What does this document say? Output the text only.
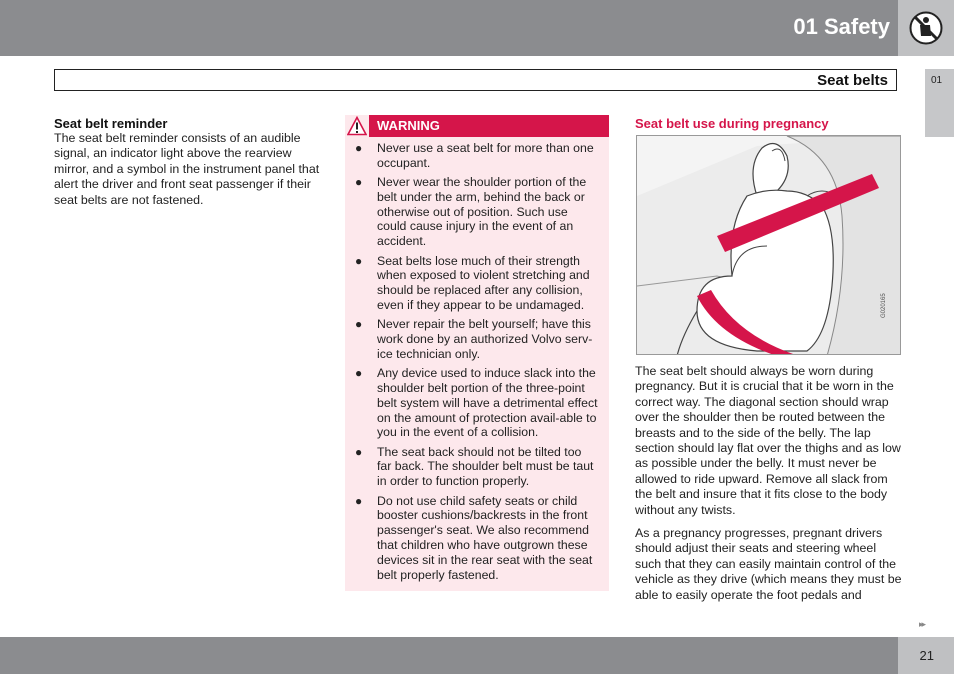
01 Safety
Seat belts	01
Seat belt reminder

The seat belt reminder consists of an audible signal, an indicator light above the rearview mirror, and a symbol in the instrument panel that alert the driver and front seat passenger if their seat belts are not fastened.

WARNING
● Never use a seat belt for more than one occupant.
● Never wear the shoulder portion of the belt under the arm, behind the back or otherwise out of position. Such use could cause injury in the event of an accident.
● Seat belts lose much of their strength when exposed to violent stretching and should be replaced after any collision, even if they appear to be undamaged.
● Never repair the belt yourself; have this work done by an authorized Volvo serv-ice technician only.
● Any device used to induce slack into the shoulder belt portion of the three-point belt system will have a detrimental effect on the amount of protection avail-able to you in the event of a collision.
● The seat back should not be tilted too far back. The shoulder belt must be taut in order to function properly.
● Do not use child safety seats or child booster cushions/backrests in the front passenger's seat. We also recommend that children who have outgrown these devices sit in the rear seat with the seat belt properly fastened.
Seat belt use during pregnancy
G020165

The seat belt should always be worn during pregnancy. But it is crucial that it be worn in the correct way. The diagonal section should wrap over the shoulder then be routed between the breasts and to the side of the belly. The lap section should lay flat over the thighs and as low as possible under the belly. It must never be allowed to ride upward. Remove all slack from the belt and insure that it fits close to the body without any twists.

As a pregnancy progresses, pregnant drivers should adjust their seats and steering wheel such that they can easily maintain control of the vehicle as they drive (which means they must be able to easily operate the foot pedals and

▸▸
21
